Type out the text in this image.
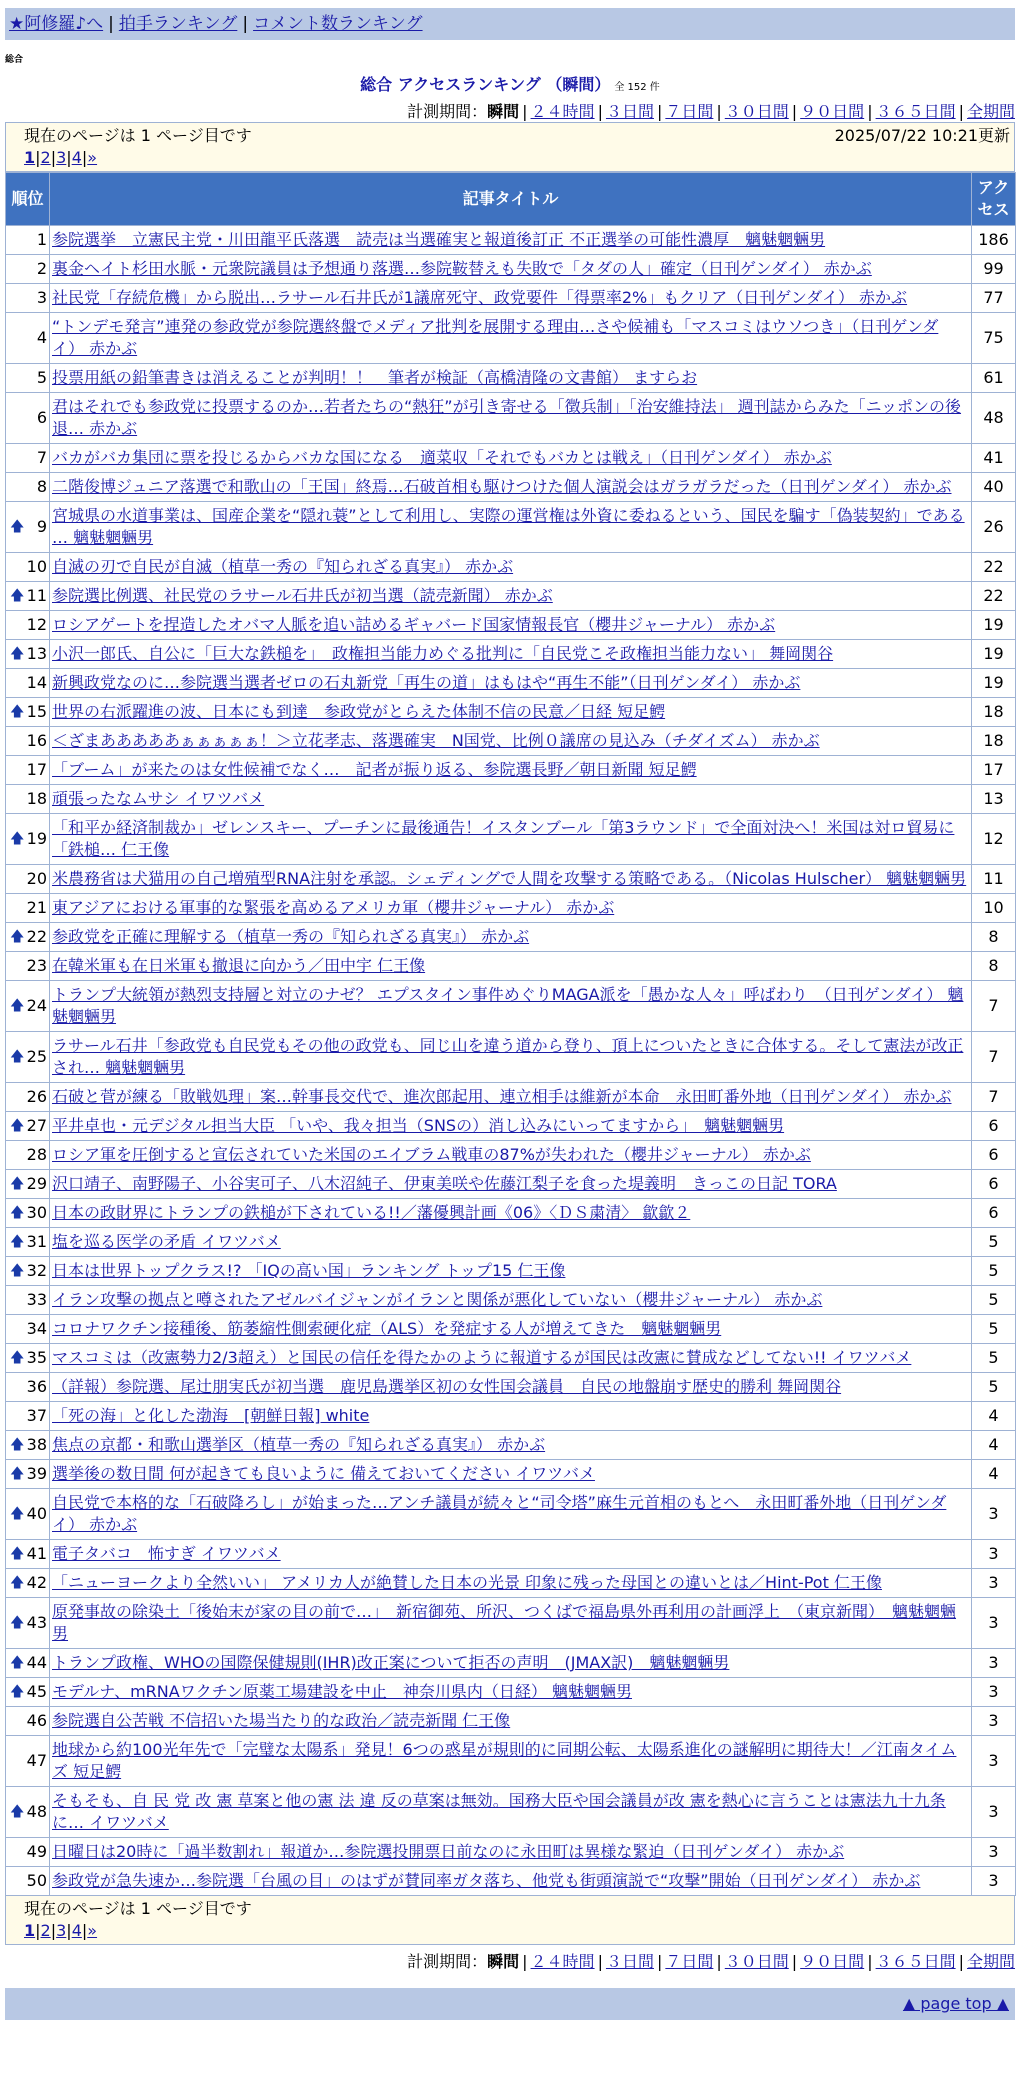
★阿修羅♪へ | 拍手ランキング | コメント数ランキング
総合
総合 アクセスランキング （瞬間） 全 152 件
計測期間：瞬間 | ２４時間 | ３日間 | ７日間 | ３０日間 | ９０日間 | ３６５日間 | 全期間
現在のページは 1 ページ目です	2025/07/22 10:21更新
1|2|3|4|»
順位	記事タイトル	アクセス
1	参院選挙　立憲民主党・川田龍平氏落選　読売は当選確実と報道後訂正 不正選挙の可能性濃厚　魑魅魍魎男	186
2	裏金ヘイト杉田水脈・元衆院議員は予想通り落選…参院鞍替えも失敗で「タダの人」確定（日刊ゲンダイ） 赤かぶ	99
3	社民党「存続危機」から脱出…ラサール石井氏が1議席死守、政党要件「得票率2%」もクリア（日刊ゲンダイ） 赤かぶ	77
4	“トンデモ発言”連発の参政党が参院選終盤でメディア批判を展開する理由…さや候補も「マスコミはウソつき」（日刊ゲンダイ） 赤かぶ	75
5	投票用紙の鉛筆書きは消えることが判明！！　筆者が検証（高橋清隆の文書館） ますらお	61
6	君はそれでも参政党に投票するのか…若者たちの“熱狂”が引き寄せる「徴兵制」「治安維持法」 週刊誌からみた「ニッポンの後退… 赤かぶ	48
7	バカがバカ集団に票を投じるからバカな国になる　適菜収「それでもバカとは戦え」（日刊ゲンダイ） 赤かぶ	41
8	二階俊博ジュニア落選で和歌山の「王国」終焉…石破首相も駆けつけた個人演説会はガラガラだった（日刊ゲンダイ） 赤かぶ	40

🡅 9	宮城県の水道事業は、国産企業を“隠れ蓑”として利用し、実際の運営権は外資に委ねるという、国民を騙す「偽装契約」である … 魑魅魍魎男	26
10	自滅の刃で自民が自滅（植草一秀の『知られざる真実』） 赤かぶ	22

🡅 11	参院選比例選、社民党のラサール石井氏が初当選（読売新聞） 赤かぶ	22
12	ロシアゲートを捏造したオバマ人脈を追い詰めるギャバード国家情報長官（櫻井ジャーナル） 赤かぶ	19

🡅 13	小沢一郎氏、自公に「巨大な鉄槌を」　政権担当能力めぐる批判に「自民党こそ政権担当能力ない」 舞岡関谷	19
14	新興政党なのに…参院選当選者ゼロの石丸新党「再生の道」はもはや“再生不能”（日刊ゲンダイ） 赤かぶ	19

🡅 15	世界の右派躍進の波、日本にも到達　参政党がとらえた体制不信の民意／日経 短足鰐	18
16	＜ざまあああああぁぁぁぁぁ！＞立花孝志、落選確実　N国党、比例０議席の見込み（チダイズム） 赤かぶ	18
17	「ブーム」が来たのは女性候補でなく…　記者が振り返る、参院選長野／朝日新聞 短足鰐	17
18	頑張ったなムサシ イワツバメ	13

🡅 19	「和平か経済制裁か」ゼレンスキー、プーチンに最後通告！イスタンブール「第3ラウンド」で全面対決へ！米国は対ロ貿易に「鉄槌… 仁王像	12
20	米農務省は犬猫用の自己増殖型RNA注射を承認。シェディングで人間を攻撃する策略である。（Nicolas Hulscher） 魑魅魍魎男	11
21	東アジアにおける軍事的な緊張を高めるアメリカ軍（櫻井ジャーナル） 赤かぶ	10

🡅 22	参政党を正確に理解する（植草一秀の『知られざる真実』） 赤かぶ	8
23	在韓米軍も在日米軍も撤退に向かう／田中宇 仁王像	8

🡅 24	トランプ大統領が熱烈支持層と対立のナゼ？ エプスタイン事件めぐりMAGA派を「愚かな人々」呼ばわり　（日刊ゲンダイ） 魑魅魍魎男	7

🡅 25	ラサール石井「参政党も自民党もその他の政党も、同じ山を違う道から登り、頂上についたときに合体する。そして憲法が改正され… 魑魅魍魎男	7
26	石破と菅が練る「敗戦処理」案…幹事長交代で、進次郎起用、連立相手は維新が本命　永田町番外地（日刊ゲンダイ） 赤かぶ	7

🡅 27	平井卓也・元デジタル担当大臣 「いや、我々担当（SNSの）消し込みにいってますから」　魑魅魍魎男	6
28	ロシア軍を圧倒すると宣伝されていた米国のエイブラム戦車の87%が失われた（櫻井ジャーナル） 赤かぶ	6

🡅 29	沢口靖子、南野陽子、小谷実可子、八木沼純子、伊東美咲や佐藤江梨子を食った堤義明　きっこの日記 TORA	6

🡅 30	日本の政財界にトランプの鉄槌が下されている!!／藩優興計画《06》〈ＤＳ粛清〉 歙歙２	6

🡅 31	塩を巡る医学の矛盾 イワツバメ	5

🡅 32	日本は世界トップクラス!? 「IQの高い国」ランキング トップ15 仁王像	5
33	イラン攻撃の拠点と噂されたアゼルバイジャンがイランと関係が悪化していない（櫻井ジャーナル） 赤かぶ	5
34	コロナワクチン接種後、筋萎縮性側索硬化症（ALS）を発症する人が増えてきた　魑魅魍魎男	5

🡅 35	マスコミは（改憲勢力2/3超え）と国民の信任を得たかのように報道するが国民は改憲に賛成などしてない!! イワツバメ	5
36	（詳報）参院選、尾辻朋実氏が初当選　鹿児島選挙区初の女性国会議員　自民の地盤崩す歴史的勝利 舞岡関谷	5
37	「死の海」と化した渤海　[朝鮮日報] white	4

🡅 38	焦点の京都・和歌山選挙区（植草一秀の『知られざる真実』） 赤かぶ	4

🡅 39	選挙後の数日間 何が起きても良いように 備えておいてください イワツバメ	4

🡅 40	自民党で本格的な「石破降ろし」が始まった…アンチ議員が続々と“司令塔”麻生元首相のもとへ　永田町番外地（日刊ゲンダイ） 赤かぶ	3

🡅 41	電子タバコ　怖すぎ イワツバメ	3

🡅 42	「ニューヨークより全然いい」 アメリカ人が絶賛した日本の光景 印象に残った母国との違いとは／Hint-Pot 仁王像	3

🡅 43	原発事故の除染土「後始末が家の目の前で…」　新宿御苑、所沢、つくばで福島県外再利用の計画浮上　（東京新聞）　魑魅魍魎男	3

🡅 44	トランプ政権、WHOの国際保健規則(IHR)改正案について拒否の声明　(JMAX訳)　魑魅魍魎男	3

🡅 45	モデルナ、mRNAワクチン原薬工場建設を中止　神奈川県内（日経） 魑魅魍魎男	3
46	参院選自公苦戦 不信招いた場当たり的な政治／読売新聞 仁王像	3
47	地球から約100光年先で「完璧な太陽系」発見！6つの惑星が規則的に同期公転、太陽系進化の謎解明に期待大！／江南タイムズ 短足鰐	3

🡅 48	そもそも、自 民 党 改 憲 草案と他の憲 法 違 反の草案は無効。国務大臣や国会議員が改 憲を熱心に言うことは憲法九十九条に… イワツバメ	3
49	日曜日は20時に「過半数割れ」報道か…参院選投開票日前なのに永田町は異様な緊迫（日刊ゲンダイ） 赤かぶ	3
50	参政党が急失速か…参院選「台風の目」のはずが賛同率ガタ落ち、他党も街頭演説で“攻撃”開始（日刊ゲンダイ） 赤かぶ	3
現在のページは 1 ページ目です
1|2|3|4|»
計測期間：瞬間 | ２４時間 | ３日間 | ７日間 | ３０日間 | ９０日間 | ３６５日間 | 全期間
▲ page top ▲
